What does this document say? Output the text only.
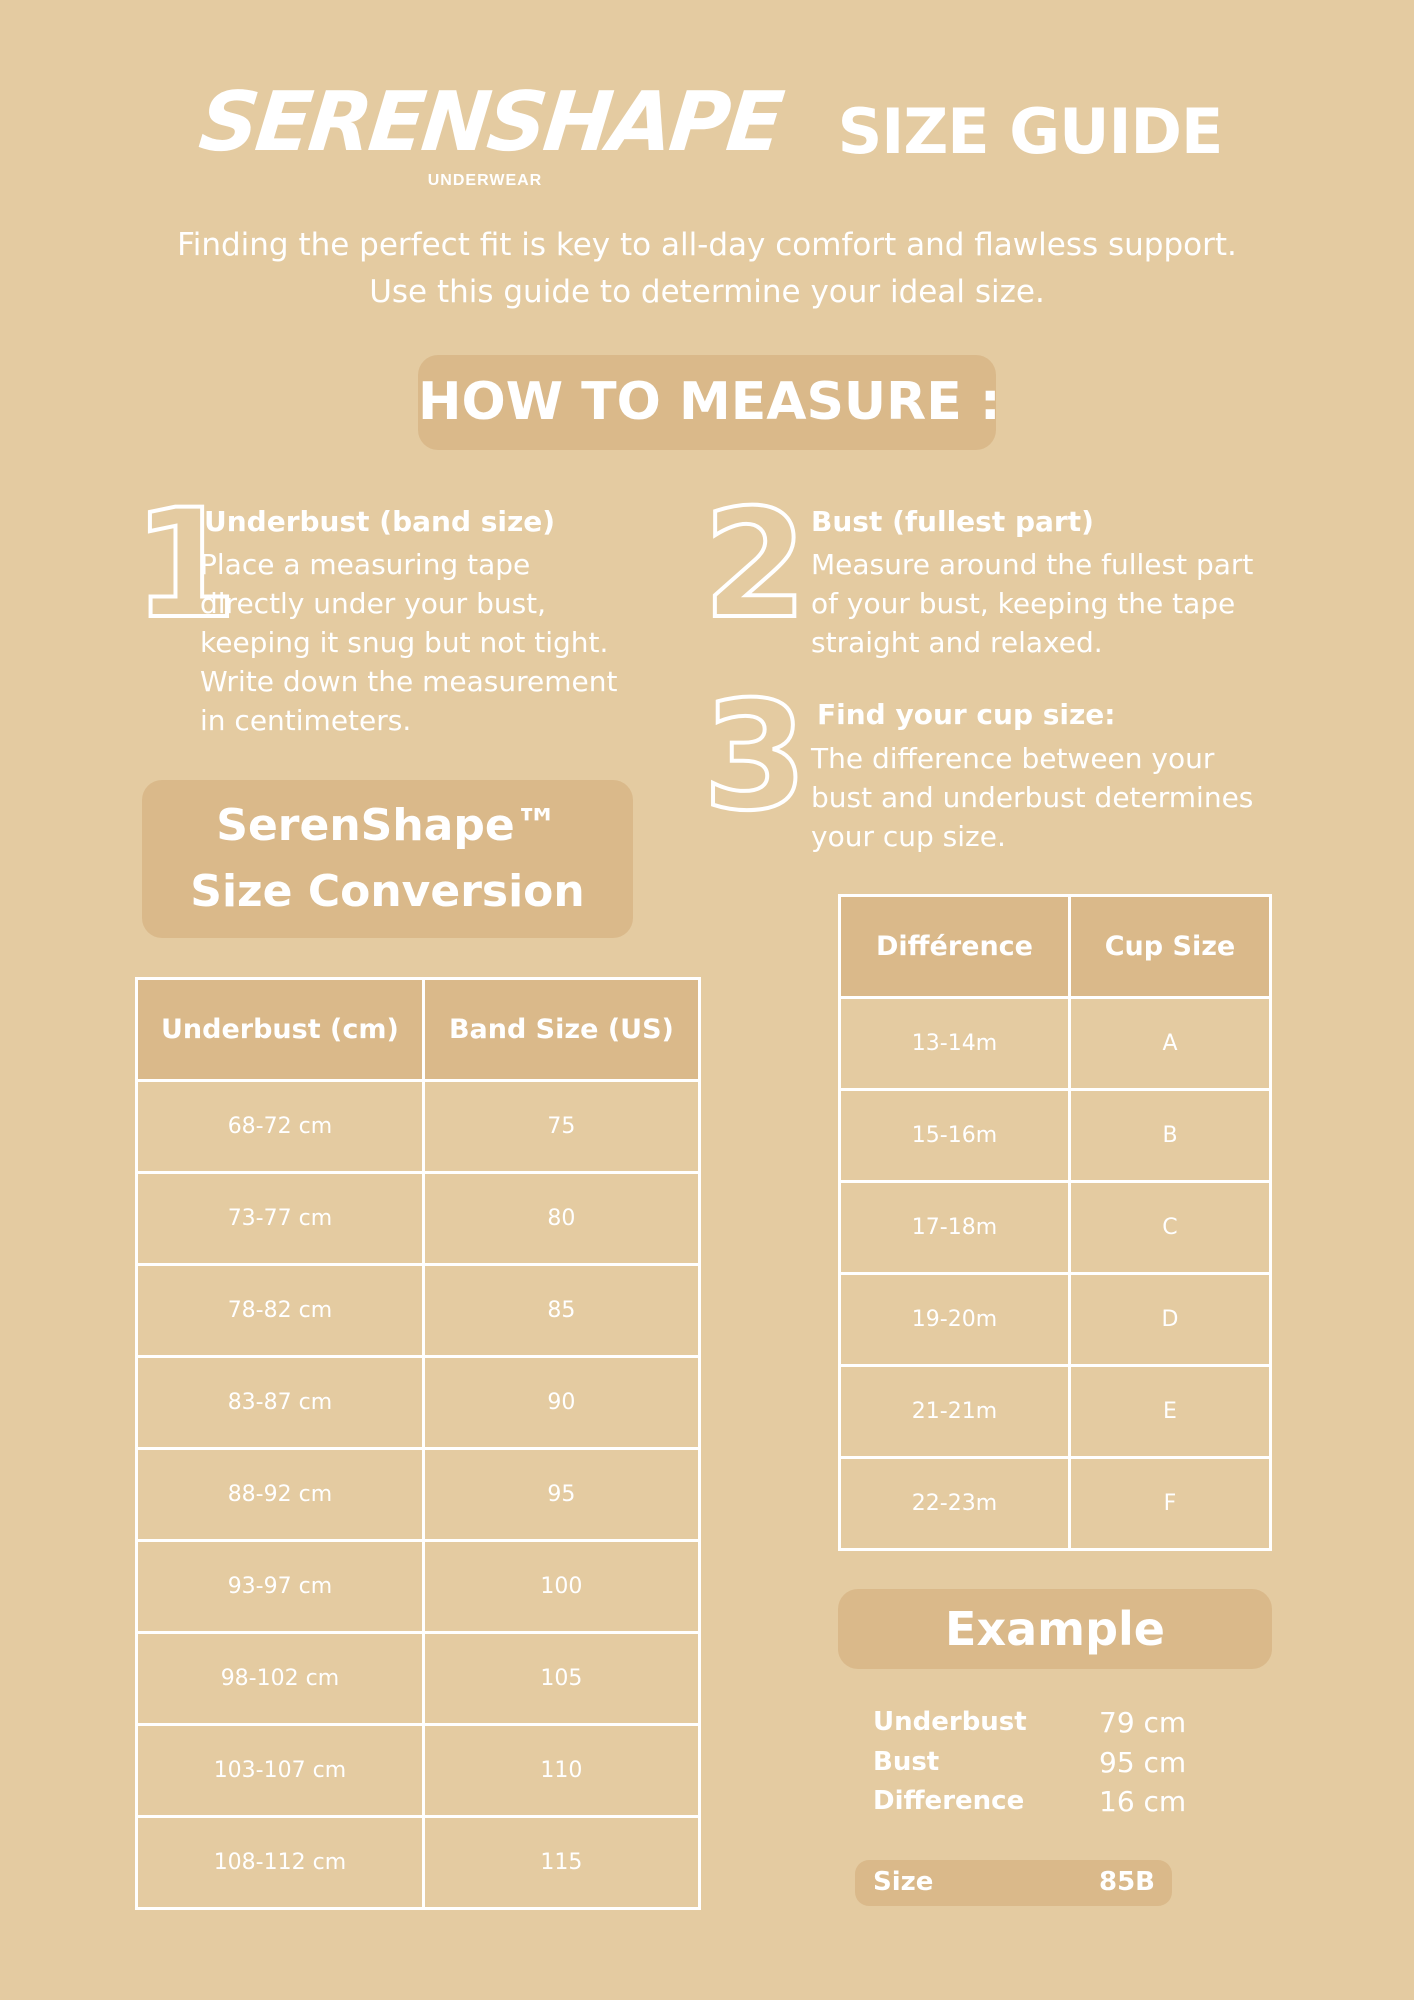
SERENSHAPE
UNDERWEAR
SIZE GUIDE
Finding the perfect fit is key to all-day comfort and flawless support.
Use this guide to determine your ideal size.
HOW TO MEASURE :
1
Underbust (band size)
Place a measuring tape
directly under your bust,
keeping it snug but not tight.
Write down the measurement
in centimeters.
2 Bust (fullest part)
Measure around the fullest part
of your bust, keeping the tape
straight and relaxed.
3 Find your cup size:
The difference between your
bust and underbust determines
your cup size.
SerenShape™
Size Conversion
Underbust (cm)	Band Size (US)
68-72 cm	75
73-77 cm	80
78-82 cm	85
83-87 cm	90
88-92 cm	95
93-97 cm	100
98-102 cm	105
103-107 cm	110
108-112 cm	115
Différence	Cup Size
13-14m	A
15-16m	B
17-18m	C
19-20m	D
21-21m	E
22-23m	F
Example
Underbust	79 cm
Bust	95 cm
Difference	16 cm
Size	85B
